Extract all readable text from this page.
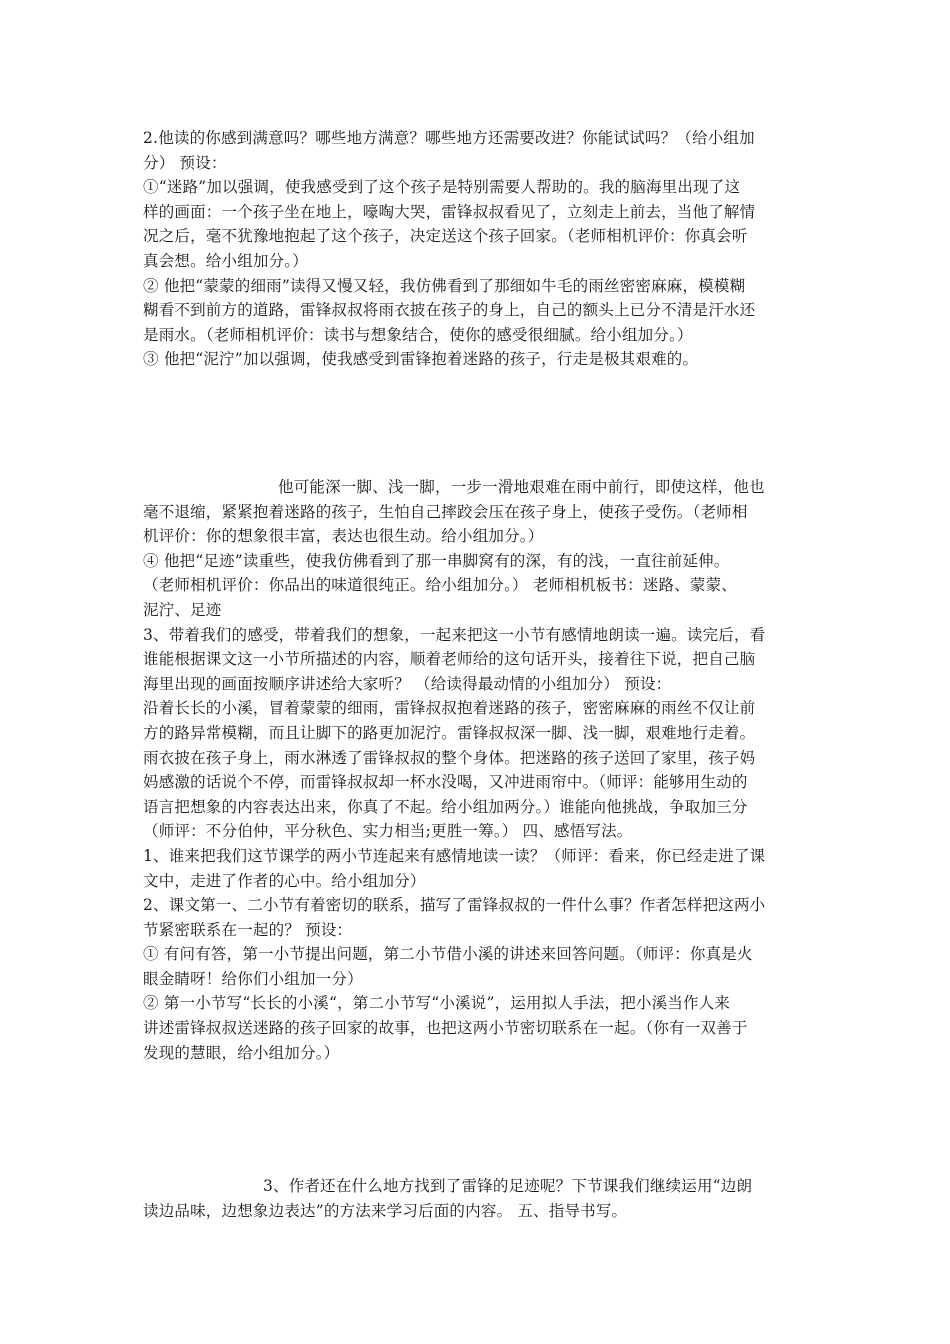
2.他读的你感到满意吗？哪些地方满意？哪些地方还需要改进？你能试试吗？（给小组加
分） 预设：
①“迷路”加以强调，使我感受到了这个孩子是特别需要人帮助的。我的脑海里出现了这
样的画面：一个孩子坐在地上，嚎啕大哭，雷锋叔叔看见了，立刻走上前去，当他了解情
况之后，毫不犹豫地抱起了这个孩子，决定送这个孩子回家。（老师相机评价：你真会听
真会想。给小组加分。）
② 他把“蒙蒙的细雨”读得又慢又轻，我仿佛看到了那细如牛毛的雨丝密密麻麻，模模糊
糊看不到前方的道路，雷锋叔叔将雨衣披在孩子的身上，自己的额头上已分不清是汗水还
是雨水。（老师相机评价：读书与想象结合，使你的感受很细腻。给小组加分。）
③ 他把“泥泞”加以强调，使我感受到雷锋抱着迷路的孩子，行走是极其艰难的。
他可能深一脚、浅一脚，一步一滑地艰难在雨中前行，即使这样，他也
毫不退缩，紧紧抱着迷路的孩子，生怕自己摔跤会压在孩子身上，使孩子受伤。（老师相
机评价：你的想象很丰富，表达也很生动。给小组加分。）
④ 他把“足迹”读重些，使我仿佛看到了那一串脚窝有的深，有的浅，一直往前延伸。
（老师相机评价：你品出的味道很纯正。给小组加分。） 老师相机板书：迷路、蒙蒙、
泥泞、足迹
3、带着我们的感受，带着我们的想象，一起来把这一小节有感情地朗读一遍。读完后，看
谁能根据课文这一小节所描述的内容，顺着老师给的这句话开头，接着往下说，把自己脑
海里出现的画面按顺序讲述给大家听？ （给读得最动情的小组加分） 预设：
沿着长长的小溪，冒着蒙蒙的细雨，雷锋叔叔抱着迷路的孩子，密密麻麻的雨丝不仅让前
方的路异常模糊，而且让脚下的路更加泥泞。雷锋叔叔深一脚、浅一脚，艰难地行走着。
雨衣披在孩子身上，雨水淋透了雷锋叔叔的整个身体。把迷路的孩子送回了家里，孩子妈
妈感激的话说个不停，而雷锋叔叔却一杯水没喝，又冲进雨帘中。（师评：能够用生动的
语言把想象的内容表达出来，你真了不起。给小组加两分。）谁能向他挑战，争取加三分
（师评：不分伯仲，平分秋色、实力相当;更胜一筹。） 四、感悟写法。
1、谁来把我们这节课学的两小节连起来有感情地读一读？（师评：看来，你已经走进了课
文中，走进了作者的心中。给小组加分）
2、课文第一、二小节有着密切的联系，描写了雷锋叔叔的一件什么事？作者怎样把这两小
节紧密联系在一起的？ 预设：
① 有问有答，第一小节提出问题，第二小节借小溪的讲述来回答问题。（师评：你真是火
眼金睛呀！给你们小组加一分）
② 第一小节写“长长的小溪“，第二小节写“小溪说”，运用拟人手法，把小溪当作人来
讲述雷锋叔叔送迷路的孩子回家的故事，也把这两小节密切联系在一起。（你有一双善于
发现的慧眼，给小组加分。）
3、作者还在什么地方找到了雷锋的足迹呢？下节课我们继续运用“边朗
读边品味，边想象边表达”的方法来学习后面的内容。 五、指导书写。
